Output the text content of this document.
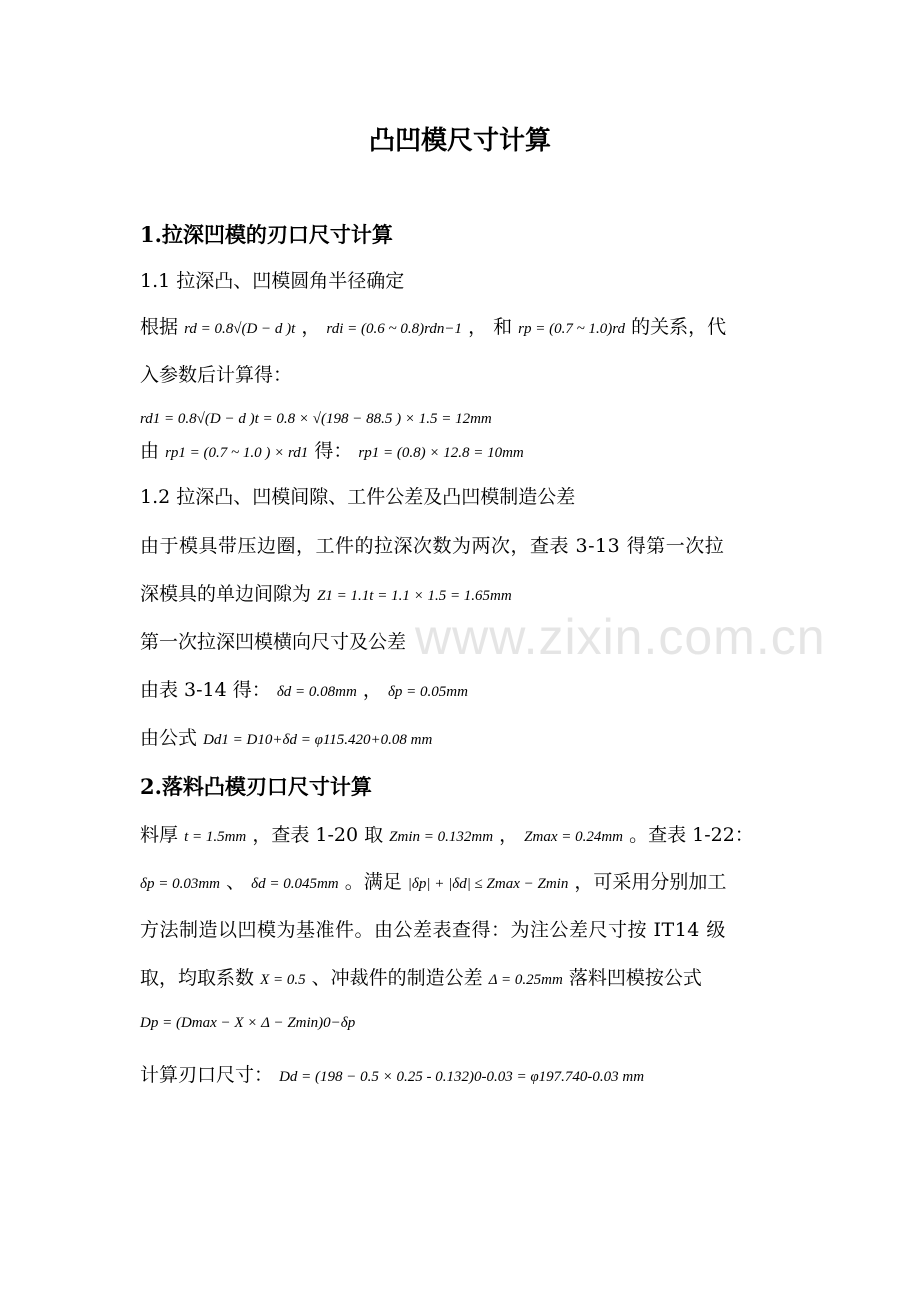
凸凹模尺寸计算
1.拉深凹模的刃口尺寸计算
1.1 拉深凸、凹模圆角半径确定
根据 rd = 0.8√(D − d )t ， rdi = (0.6 ~ 0.8)rdn−1 ， 和 rp = (0.7 ~ 1.0)rd 的关系，代
入参数后计算得：
rd1 = 0.8√(D − d )t = 0.8 × √(198 − 88.5 ) × 1.5 = 12mm
由 rp1 = (0.7 ~ 1.0 ) × rd1 得： rp1 = (0.8) × 12.8 = 10mm
1.2 拉深凸、凹模间隙、工件公差及凸凹模制造公差
由于模具带压边圈，工件的拉深次数为两次，查表 3-13 得第一次拉
深模具的单边间隙为 Z1 = 1.1t = 1.1 × 1.5 = 1.65mm
第一次拉深凹模横向尺寸及公差
由表 3-14 得： δd = 0.08mm ， δp = 0.05mm
由公式 Dd1 = D10+δd = φ115.420+0.08 mm
2.落料凸模刃口尺寸计算
料厚 t = 1.5mm ，查表 1-20 取 Zmin = 0.132mm ， Zmax = 0.24mm 。查表 1-22：
δp = 0.03mm 、 δd = 0.045mm 。满足 |δp| + |δd| ≤ Zmax − Zmin ，可采用分别加工
方法制造以凹模为基准件。由公差表查得：为注公差尺寸按 IT14 级
取，均取系数 X = 0.5 、冲裁件的制造公差 Δ = 0.25mm 落料凹模按公式
Dp = (Dmax − X × Δ − Zmin)0−δp
计算刃口尺寸： Dd = (198 − 0.5 × 0.25 - 0.132)0-0.03 = φ197.740-0.03 mm
www.zixin.com.cn
